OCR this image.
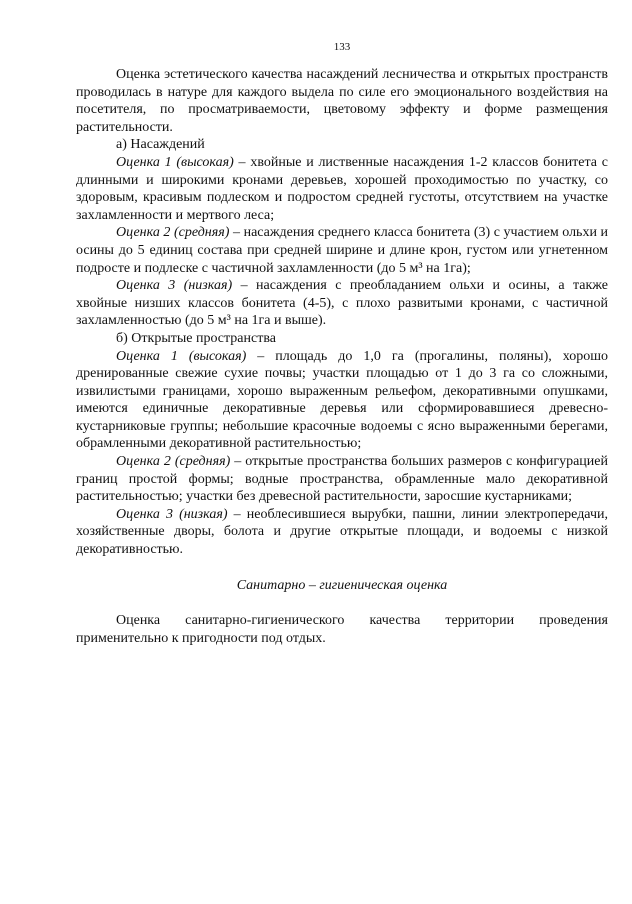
133

Оценка эстетического качества насаждений лесничества и открытых пространств проводилась в натуре для каждого выдела по силе его эмоционального воздействия на посетителя, по просматриваемости, цветовому эффекту и форме размещения растительности.

а) Насаждений

Оценка 1 (высокая) – хвойные и лиственные насаждения 1-2 классов бонитета с длинными и широкими кронами деревьев, хорошей проходимостью по участку, со здоровым, красивым подлеском и подростом средней густоты, отсутствием на участке захламленности и мертвого леса;

Оценка 2 (средняя) – насаждения среднего класса бонитета (3) с участием ольхи и осины до 5 единиц состава при средней ширине и длине крон, густом или угнетенном подросте и подлеске с частичной захламленности (до 5 м³ на 1га);

Оценка 3 (низкая) – насаждения с преобладанием ольхи и осины, а также хвойные низших классов бонитета (4-5), с плохо развитыми кронами, с частичной захламленностью (до 5 м³ на 1га и выше).

б) Открытые пространства

Оценка 1 (высокая) – площадь до 1,0 га (прогалины, поляны), хорошо дренированные свежие сухие почвы; участки площадью от 1 до 3 га со сложными, извилистыми границами, хорошо выраженным рельефом, декоративными опушками, имеются единичные декоративные деревья или сформировавшиеся древесно-кустарниковые группы; небольшие красочные водоемы с ясно выраженными берегами, обрамленными декоративной растительностью;

Оценка 2 (средняя) – открытые пространства больших размеров с конфигурацией границ простой формы; водные пространства, обрамленные мало декоративной растительностью; участки без древесной растительности, заросшие кустарниками;

Оценка 3 (низкая) – необлесившиеся вырубки, пашни, линии электропередачи, хозяйственные дворы, болота и другие открытые площади, и водоемы с низкой декоративностью.

Санитарно – гигиеническая оценка

Оценка санитарно-гигиенического качества территории проведения применительно к пригодности под отдых.
